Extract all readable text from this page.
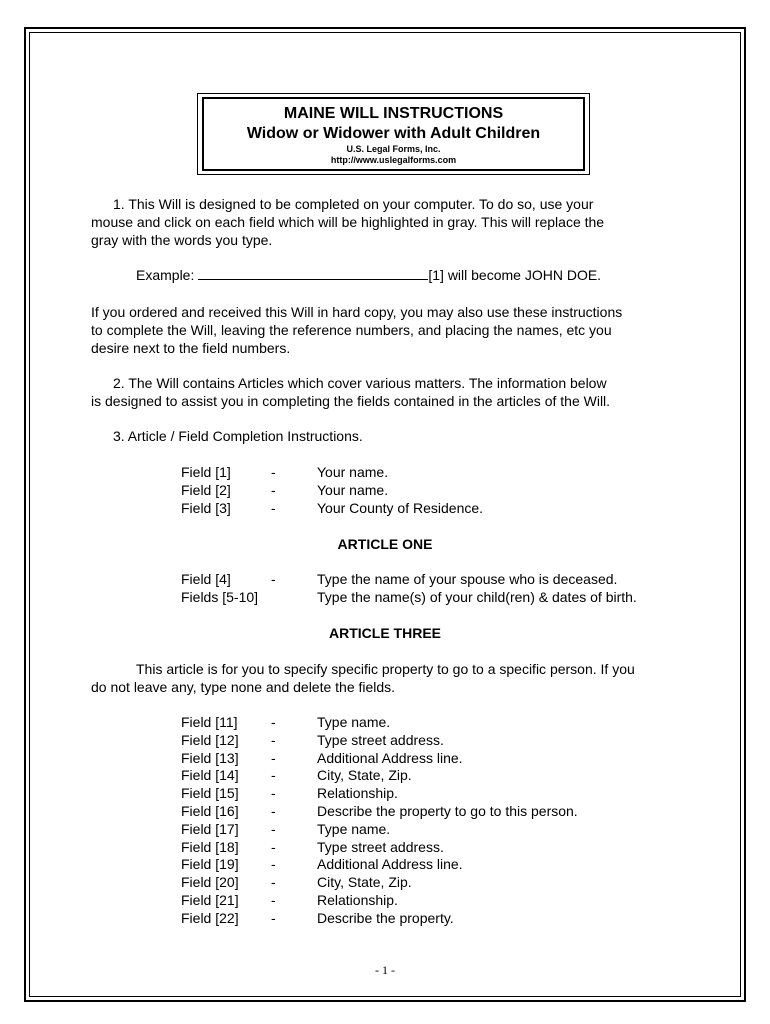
MAINE WILL INSTRUCTIONS
Widow or Widower with Adult Children
U.S. Legal Forms, Inc.
http://www.uslegalforms.com
1. This Will is designed to be completed on your computer. To do so, use your
mouse and click on each field which will be highlighted in gray. This will replace the
gray with the words you type.
Example:	[1] will become JOHN DOE.
If you ordered and received this Will in hard copy, you may also use these instructions
to complete the Will, leaving the reference numbers, and placing the names, etc you
desire next to the field numbers.
2. The Will contains Articles which cover various matters. The information below
is designed to assist you in completing the fields contained in the articles of the Will.
3. Article / Field Completion Instructions.
Field [1]	-	Your name.
Field [2]	-	Your name.
Field [3]	-	Your County of Residence.
ARTICLE ONE
Field [4]	-	Type the name of your spouse who is deceased.
Fields [5-10]	Type the name(s) of your child(ren) & dates of birth.
ARTICLE THREE
This article is for you to specify specific property to go to a specific person. If you
do not leave any, type none and delete the fields.
Field [11] -	Type name.
Field [12] -	Type street address.
Field [13] -	Additional Address line.
Field [14] -	City, State, Zip.
Field [15] -	Relationship.
Field [16] -	Describe the property to go to this person.
Field [17] -	Type name.
Field [18] -	Type street address.
Field [19] -	Additional Address line.
Field [20] -	City, State, Zip.
Field [21] -	Relationship.
Field [22] -	Describe the property.
- 1 -
